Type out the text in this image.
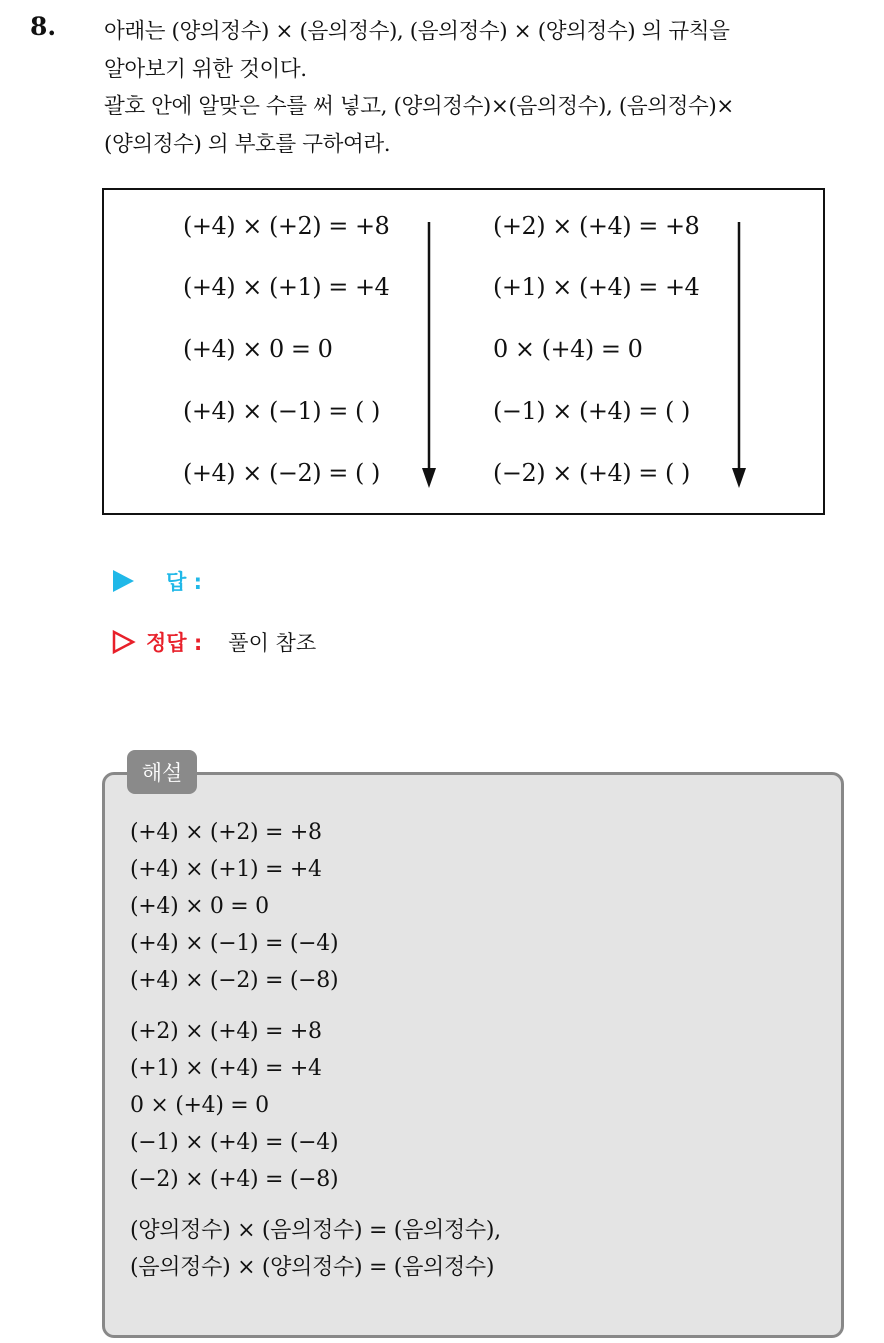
8. 아래는 (양의정수) × (음의정수), (음의정수) × (양의정수) 의 규칙을
알아보기 위한 것이다.
괄호 안에 알맞은 수를 써 넣고, (양의정수)×(음의정수), (음의정수)×
(양의정수) 의 부호를 구하여라.
(+4) × (+2) = +8
(+4) × (+1) = +4
(+4) × 0 = 0
(+4) × (−1) = ( )
(+4) × (−2) = ( )
(+2) × (+4) = +8
(+1) × (+4) = +4
0 × (+4) = 0
(−1) × (+4) = ( )
(−2) × (+4) = ( )
답 :
정답 : 풀이 참조
해설
(+4) × (+2) = +8
(+4) × (+1) = +4
(+4) × 0 = 0
(+4) × (−1) = (−4)
(+4) × (−2) = (−8)
(+2) × (+4) = +8
(+1) × (+4) = +4
0 × (+4) = 0
(−1) × (+4) = (−4)
(−2) × (+4) = (−8)
(양의정수) × (음의정수) = (음의정수),
(음의정수) × (양의정수) = (음의정수)
